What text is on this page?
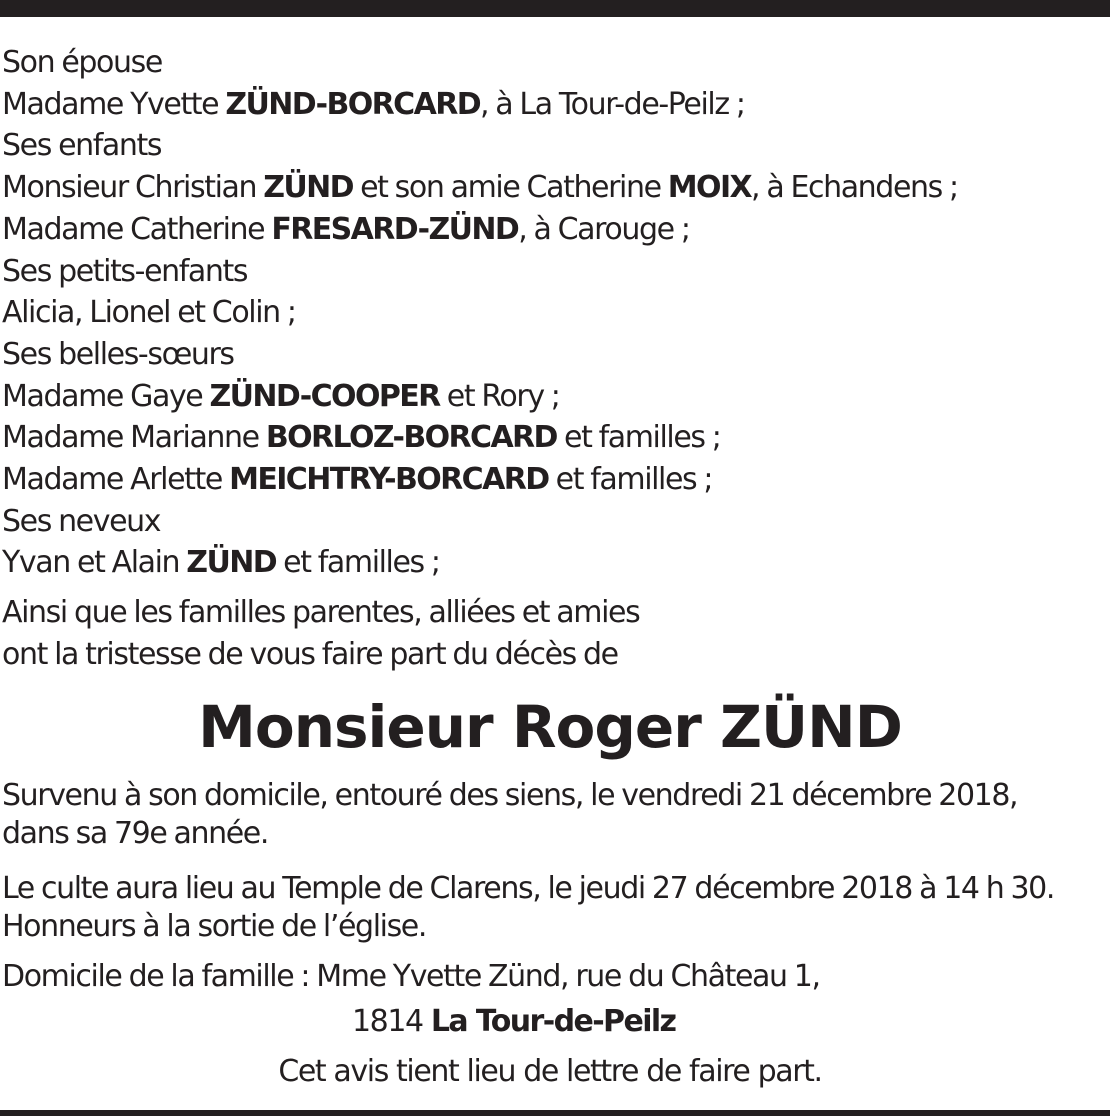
Son épouse
Madame Yvette ZÜND-BORCARD, à La Tour-de-Peilz ;
Ses enfants
Monsieur Christian ZÜND et son amie Catherine MOIX, à Echandens ;
Madame Catherine FRESARD-ZÜND, à Carouge ;
Ses petits-enfants
Alicia, Lionel et Colin ;
Ses belles-sœurs
Madame Gaye ZÜND-COOPER et Rory ;
Madame Marianne BORLOZ-BORCARD et familles ;
Madame Arlette MEICHTRY-BORCARD et familles ;
Ses neveux
Yvan et Alain ZÜND et familles ;
Ainsi que les familles parentes, alliées et amies
ont la tristesse de vous faire part du décès de
Monsieur Roger ZÜND
Survenu à son domicile, entouré des siens, le vendredi 21 décembre 2018,
dans sa 79e année.
Le culte aura lieu au Temple de Clarens, le jeudi 27 décembre 2018 à 14 h 30.
Honneurs à la sortie de l’église.
Domicile de la famille : Mme Yvette Zünd, rue du Château 1,
1814 La Tour-de-Peilz
Cet avis tient lieu de lettre de faire part.
